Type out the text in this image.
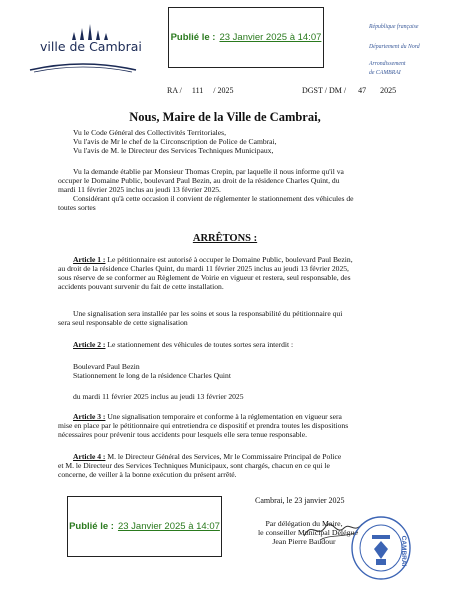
ville de Cambrai
Publié le : 23 Janvier 2025 à 14:07
République française
Département du Nord
Arrondissement
de CAMBRAI
RA /     111     / 2025	DGST / DM /      47       2025
Nous, Maire de la Ville de Cambrai,
Vu le Code Général des Collectivités Territoriales,
Vu l'avis de Mr le chef de la Circonscription de Police de Cambrai,
Vu l'avis de M. le Directeur des Services Techniques Municipaux,
Vu la demande établie par Monsieur Thomas Crepin, par laquelle il nous informe qu'il va
occuper le Domaine Public, boulevard Paul Bezin, au droit de la résidence Charles Quint, du
mardi 11 février 2025 inclus au jeudi 13 février 2025.
Considérant qu'à cette occasion il convient de réglementer le stationnement des véhicules de
toutes sortes
ARRÊTONS :
Article 1 : Le pétitionnaire est autorisé à occuper le Domaine Public, boulevard Paul Bezin,
au droit de la résidence Charles Quint, du mardi 11 février 2025 inclus au jeudi 13 février 2025,
sous réserve de se conformer au Règlement de Voirie en vigueur et restera, seul responsable, des
accidents pouvant survenir du fait de cette installation.
Une signalisation sera installée par les soins et sous la responsabilité du pétitionnaire qui
sera seul responsable de cette signalisation
Article 2 : Le stationnement des véhicules de toutes sortes sera interdit :
Boulevard Paul Bezin
Stationnement le long de la résidence Charles Quint
du mardi 11 février 2025 inclus au jeudi 13 février 2025
Article 3 : Une signalisation temporaire et conforme à la réglementation en vigueur sera
mise en place par le pétitionnaire qui entretiendra ce dispositif et prendra toutes les dispositions
nécessaires pour prévenir tous accidents pour lesquels elle sera tenue responsable.
Article 4 : M. le Directeur Général des Services, Mr le Commissaire Principal de Police
et M. le Directeur des Services Techniques Municipaux, sont chargés, chacun en ce qui le
concerne, de veiller à la bonne exécution du présent arrêté.
Cambrai, le 23 janvier 2025
Publié le : 23 Janvier 2025 à 14:07	Par délégation du Maire,
le conseiller Municipal Délégué
Jean Pierre Baudour	CAMBRAI
